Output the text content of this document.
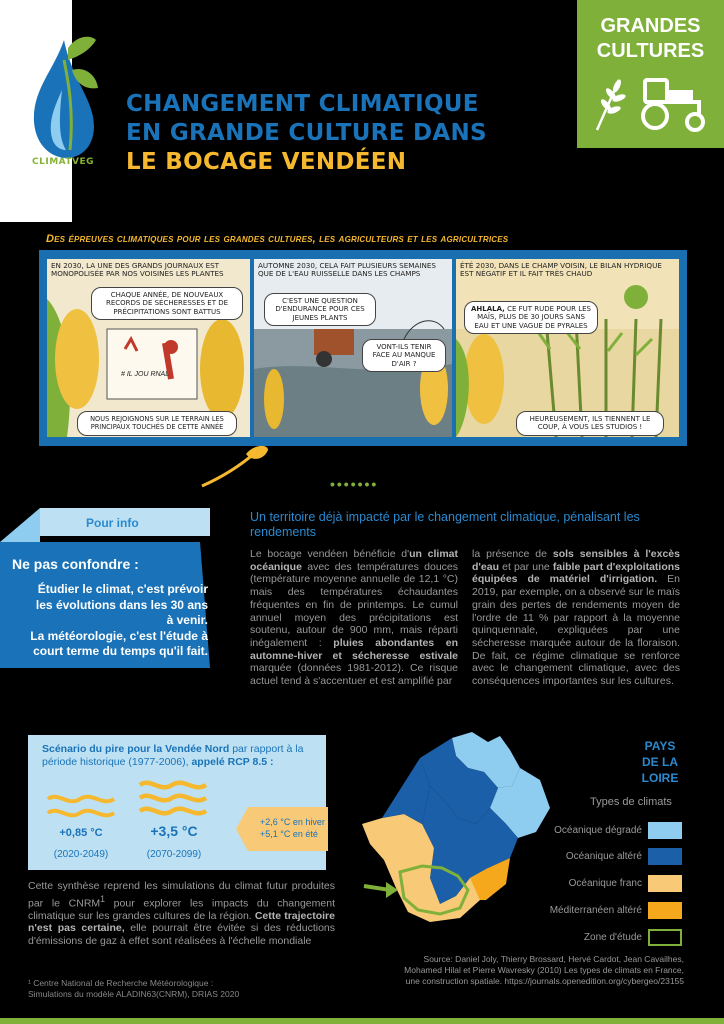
CLIMATVEG
CHANGEMENT CLIMATIQUE
EN GRANDE CULTURE DANS
LE BOCAGE VENDÉEN
GRANDES
CULTURES
Des épreuves climatiques pour les grandes cultures, les agriculteurs et les agricultrices
EN 2030, LA UNE DES GRANDS JOURNAUX EST MONOPOLISÉE PAR NOS VOISINES LES PLANTES
CHAQUE ANNÉE, DE NOUVEAUX RECORDS DE SÉCHERESSES ET DE PRÉCIPITATIONS SONT BATTUS
NOUS REJOIGNONS SUR LE TERRAIN LES PRINCIPAUX TOUCHÉS DE CETTE ANNÉE
# IL JOU RNAL
AUTOMNE 2030, CELA FAIT PLUSIEURS SEMAINES QUE DE L'EAU RUISSELLE DANS LES CHAMPS
C'EST UNE QUESTION D'ENDURANCE POUR CES JEUNES PLANTS
VONT-ILS TENIR FACE AU MANQUE D'AIR ?
ÉTÉ 2030, DANS LE CHAMP VOISIN, LE BILAN HYDRIQUE EST NÉGATIF ET IL FAIT TRÈS CHAUD
AHLALA, CE FUT RUDE POUR LES MAÏS, PLUS DE 30 JOURS SANS EAU ET UNE VAGUE DE PYRALES
HEUREUSEMENT, ILS TIENNENT LE COUP, À VOUS LES STUDIOS !
•••••••
Pour info
Ne pas confondre :
Étudier le climat, c'est prévoir les évolutions dans les 30 ans à venir.
La météorologie, c'est l'étude à court terme du temps qu'il fait.
Un territoire déjà impacté par le changement climatique, pénalisant les rendements
Le bocage vendéen bénéficie d'un climat océanique avec des températures douces (température moyenne annuelle de 12,1 °C) mais des températures échaudantes fréquentes en fin de printemps. Le cumul annuel moyen des précipitations est soutenu, autour de 900 mm, mais réparti inégalement : pluies abondantes en automne-hiver et sécheresse estivale marquée (données 1981-2012). Ce risque actuel tend à s'accentuer et est amplifié par
la présence de sols sensibles à l'excès d'eau et par une faible part d'exploitations équipées de matériel d'irrigation. En 2019, par exemple, on a observé sur le maïs grain des pertes de rendements moyen de l'ordre de 11 % par rapport à la moyenne quinquennale, expliquées par une sécheresse marquée autour de la floraison. De fait, ce régime climatique se renforce avec le changement climatique, avec des conséquences importantes sur les cultures.
Scénario du pire pour la Vendée Nord par rapport à la période historique (1977-2006), appelé RCP 8.5 :
+0,85 °C
(2020-2049)
+3,5 °C
(2070-2099)
+2,6 °C en hiver
+5,1 °C en été
Cette synthèse reprend les simulations du climat futur produites par le CNRM$^1$ pour explorer les impacts du changement climatique sur les grandes cultures de la région. Cette trajectoire n'est pas certaine, elle pourrait être évitée si des réductions d'émissions de gaz à effet sont réalisées à l'échelle mondiale
¹ Centre National de Recherche Météorologique :
Simulations du modèle ALADIN63(CNRM), DRIAS 2020
PAYS
DE LA
LOIRE
Types de climats
Océanique dégradé
Océanique altéré
Océanique franc
Méditerranéen altéré
Zone d'étude
Source: Daniel Joly, Thierry Brossard, Hervé Cardot, Jean Cavailhes,
Mohamed Hilal et Pierre Wavresky (2010) Les types de climats en France,
une construction spatiale. https://journals.openedition.org/cybergeo/23155
